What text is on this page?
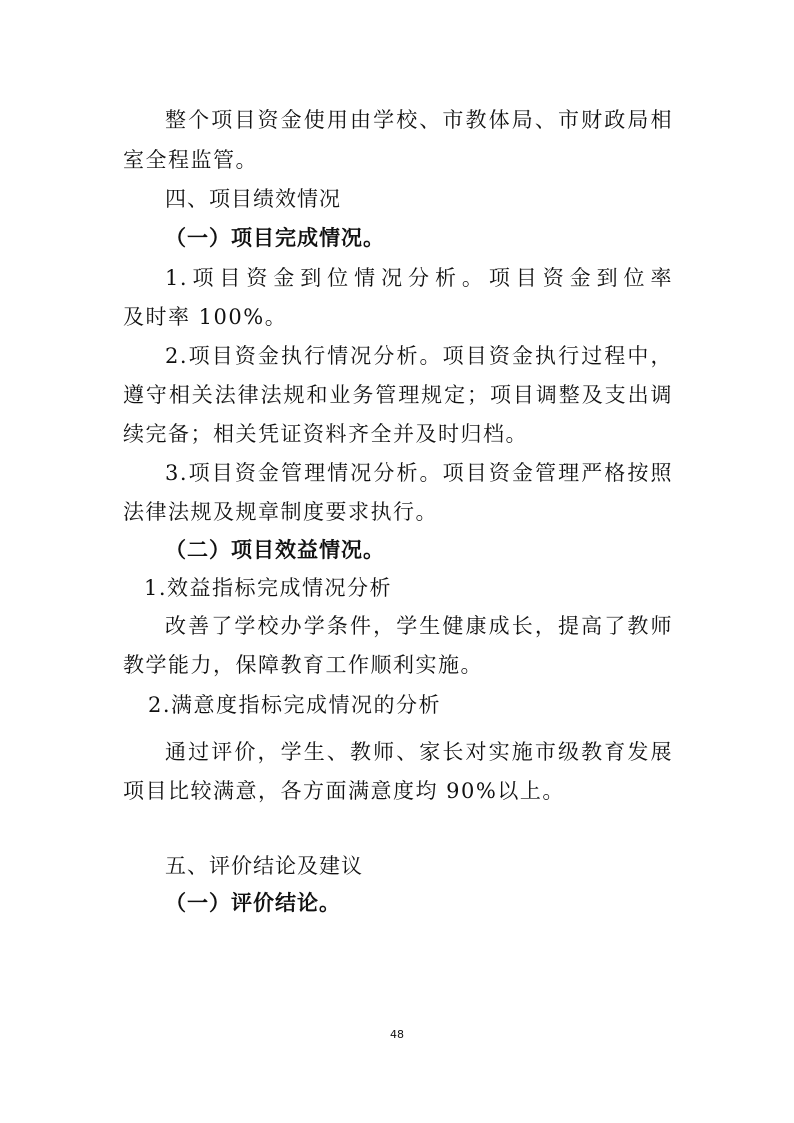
整个项目资金使用由学校、市教体局、市财政局相
室全程监管。
四、项目绩效情况
（一）项目完成情况。
1.项目资金到位情况分析。项目资金到位率
及时率 100%。
2.项目资金执行情况分析。项目资金执行过程中，
遵守相关法律法规和业务管理规定；项目调整及支出调
续完备；相关凭证资料齐全并及时归档。
3.项目资金管理情况分析。项目资金管理严格按照
法律法规及规章制度要求执行。
（二）项目效益情况。
1.效益指标完成情况分析
改善了学校办学条件，学生健康成长，提高了教师
教学能力，保障教育工作顺利实施。
2.满意度指标完成情况的分析
通过评价，学生、教师、家长对实施市级教育发展
项目比较满意，各方面满意度均 90%以上。
五、评价结论及建议
（一）评价结论。
48
